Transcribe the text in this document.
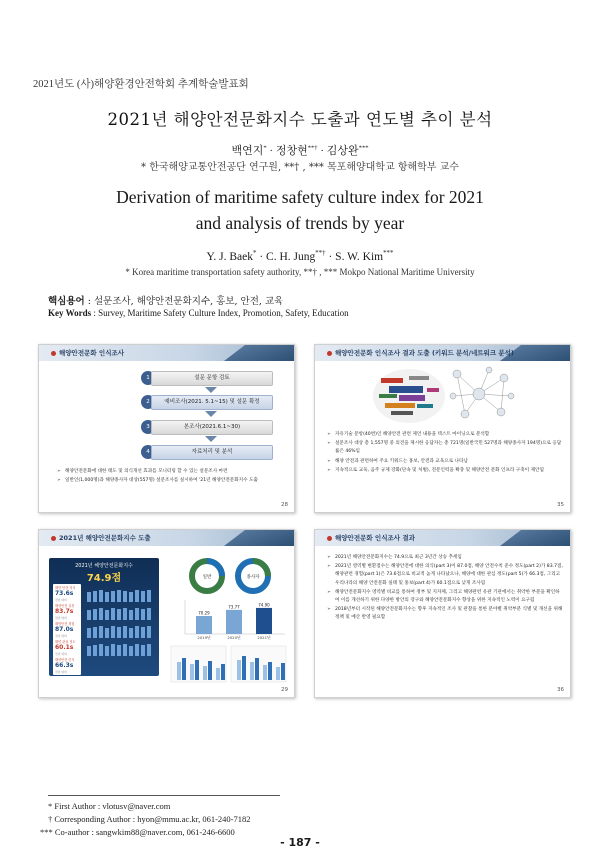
2021년도 (사)해양환경안전학회 추계학술발표회
2021년 해양안전문화지수 도출과 연도별 추이 분석
백연지* · 정창현**† · 김상완***
* 한국해양교통안전공단 연구원, **† , *** 목포해양대학교 항해학부 교수
Derivation of maritime safety culture index for 2021
and analysis of trends by year
Y. J. Baek* · C. H. Jung**† · S. W. Kim***
* Korea maritime transportation safety authority, **† , *** Mokpo National Maritime University
핵심용어 : 설문조사, 해양안전문화지수, 홍보, 안전, 교육
Key Words : Survey, Maritime Safety Culture Index, Promotion, Safety, Education
해양안전문화 인식조사
1	설문 문항 검토
2	예비조사(2021. 5.1~15) 및 설문 확정
3	본조사(2021.6.1~30)
4	자료처리 및 분석
➢ 해양안전문화에 대한 태도 및 의식개선 효과를 모니터링 할 수 있는 설문조사 마련
➢ 일반인(1,000명)과 해양종사자 대상(557명) 설문조사를 실시하여 '21년 해양안전문화지수 도출
28
해양안전문화 인식조사 결과 도출 (키워드 분석/네트워크 분석)
➢ 자유기술 문항(40번)인 해양안전 관련 제언 내용을 텍스트 마이닝으로 분석함
➢ 설문조사 대상 총 1,557명 중 의견을 제시한 응답자는 총 721명(일반국민 527명과 해양종사자 194명)으로 응답률은 46%임
➢ 해양 안전과 관련하여 주요 키워드는 홍보, 안전과 교육으로 나타남
➢ 지속적으로 교육, 음주 규제 강화(단속 및 처벌), 전문인력을 확충 및 해양안전 문화 인프라 구축이 제안됨
35
2021년 해양안전문화지수 도출
2021년 해양안전문화지수
74.9점
해양 안전 의식
73.6s
전년 대비
해양안전 실천
83.7s
전년 대비
해양안전 경험
87.0s
전년 대비
해양 관심 정도
60.1s
전년 대비
해양안전 인식
66.3s
전년 대비
일반	종사자
70.29
2019년
73.77
2020년
74.90
2021년
29
해양안전문화 인식조사 결과
➢ 2021년 해양안전문화지수는 74.9으로 최근 3년간 상승 추세임
➢ 2021년 영역별 변환점수는 해양안전에 대한 의식(part 3)이 87.0점, 해양 안전수칙 준수 정도(part 2)가 83.7점, 해양관련 경험(part 1)은 73.6점으로 비교적 높게 나타났으나, 해양에 대한 관심 정도(part 5)가 66.3점, 그리고 우리나라의 해양 안전문화 실태 및 홍보(part 4)가 60.1점으로 낮게 조사됨
➢ 해양안전문화지수 영역별 비교를 통하여 정부 및 지자체, 그리고 해양관련 유관 기관에서는 취약한 부분을 확인하여 이를 개선하기 위한 다양한 방안의 강구와 해양안전문화지수 향상을 위한 지속적인 노력이 요구됨
➢ 2018년부터 시작된 해양안전문화지수는 향후 지속적인 조사 및 관찰을 통한 분야별 취약부분 식별 및 개선을 위해 정책 및 예산 반영 필요함
36
* First Author : vlotusv@naver.com
† Corresponding Author : hyon@mmu.ac.kr, 061-240-7182
*** Co-author : sangwkim88@naver.com, 061-246-6600
- 187 -
